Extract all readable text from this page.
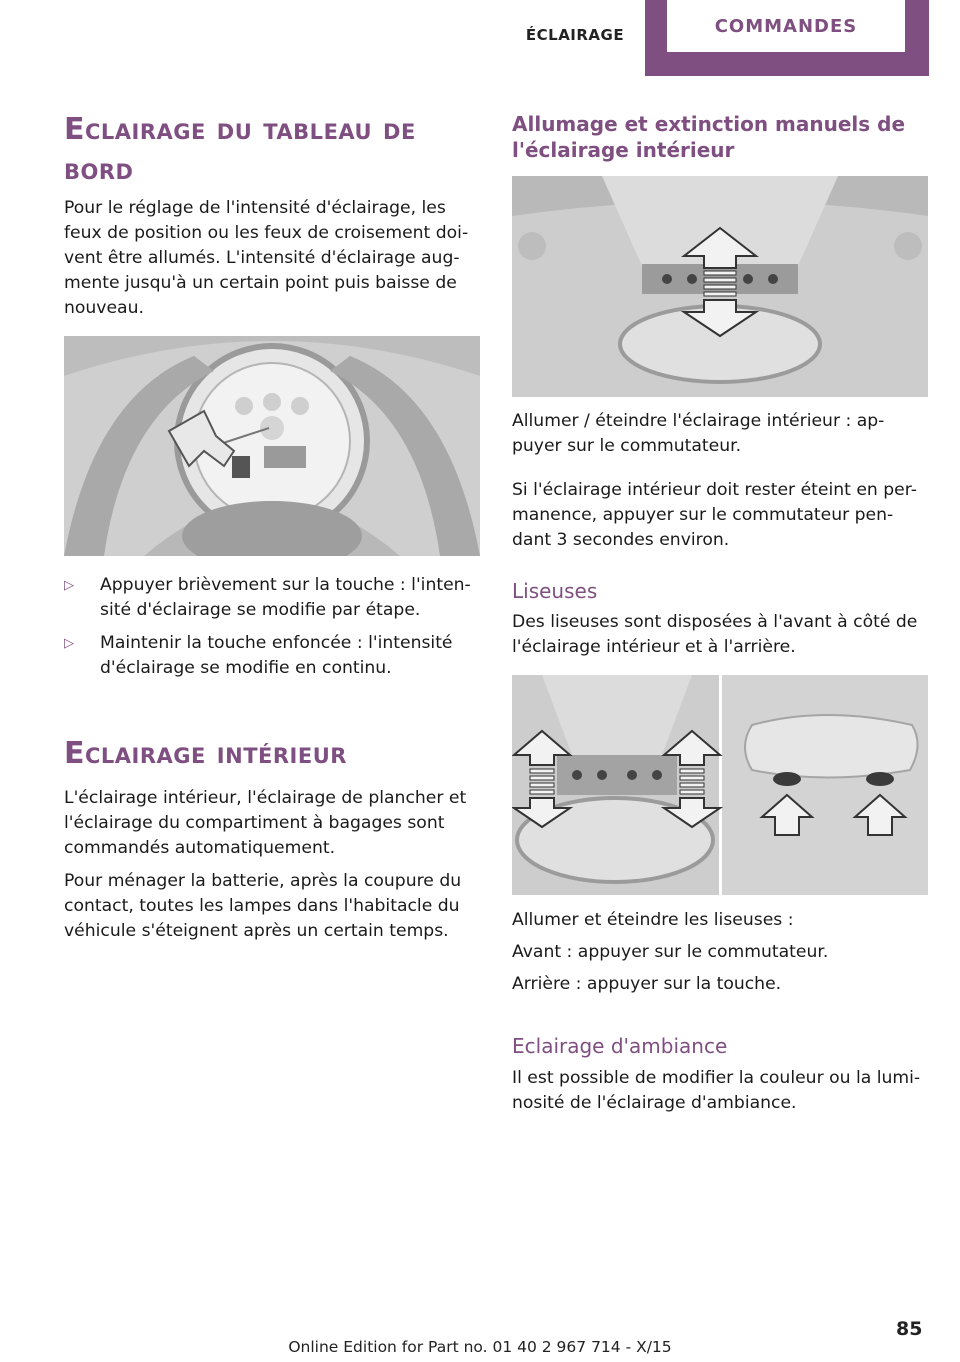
ÉCLAIRAGE	COMMANDES
Eclairage du tableau de bord

Pour le réglage de l'intensité d'éclairage, les feux de position ou les feux de croisement doi-vent être allumés. L'intensité d'éclairage aug-mente jusqu'à un certain point puis baisse de nouveau.

▷ Appuyer brièvement sur la touche : l'inten-sité d'éclairage se modifie par étape.
▷ Maintenir la touche enfoncée : l'intensité d'éclairage se modifie en continu.
Eclairage intérieur

L'éclairage intérieur, l'éclairage de plancher et l'éclairage du compartiment à bagages sont commandés automatiquement.

Pour ménager la batterie, après la coupure du contact, toutes les lampes dans l'habitacle du véhicule s'éteignent après un certain temps.

Allumage et extinction manuels de l'éclairage intérieur

Allumer / éteindre l'éclairage intérieur : ap-puyer sur le commutateur.

Si l'éclairage intérieur doit rester éteint en per-manence, appuyer sur le commutateur pen-dant 3 secondes environ.

Liseuses

Des liseuses sont disposées à l'avant à côté de l'éclairage intérieur et à l'arrière.

Allumer et éteindre les liseuses :

Avant : appuyer sur le commutateur.

Arrière : appuyer sur la touche.

Eclairage d'ambiance

Il est possible de modifier la couleur ou la lumi-nosité de l'éclairage d'ambiance.

85
Online Edition for Part no. 01 40 2 967 714 - X/15
